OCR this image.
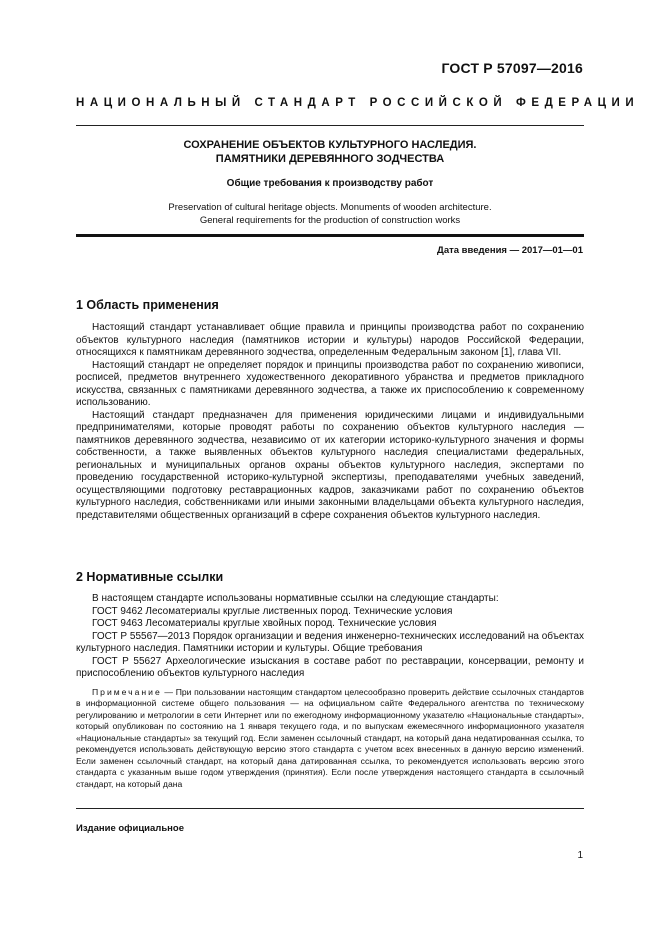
ГОСТ Р 57097—2016
НАЦИОНАЛЬНЫЙ СТАНДАРТ РОССИЙСКОЙ ФЕДЕРАЦИИ
СОХРАНЕНИЕ ОБЪЕКТОВ КУЛЬТУРНОГО НАСЛЕДИЯ.
ПАМЯТНИКИ ДЕРЕВЯННОГО ЗОДЧЕСТВА
Общие требования к производству работ
Preservation of cultural heritage objects. Monuments of wooden architecture.
General requirements for the production of construction works
Дата введения — 2017—01—01
1 Область применения

Настоящий стандарт устанавливает общие правила и принципы производства работ по сохранению объектов культурного наследия (памятников истории и культуры) народов Российской Федерации, относящихся к памятникам деревянного зодчества, определенным Федеральным законом [1], глава VII.

Настоящий стандарт не определяет порядок и принципы производства работ по сохранению живописи, росписей, предметов внутреннего художественного декоративного убранства и предметов прикладного искусства, связанных с памятниками деревянного зодчества, а также их приспособлению к современному использованию.

Настоящий стандарт предназначен для применения юридическими лицами и индивидуальными предпринимателями, которые проводят работы по сохранению объектов культурного наследия — памятников деревянного зодчества, независимо от их категории историко-культурного значения и формы собственности, а также выявленных объектов культурного наследия специалистами федеральных, региональных и муниципальных органов охраны объектов культурного наследия, экспертами по проведению государственной историко-культурной экспертизы, преподавателями учебных заведений, осуществляющими подготовку реставрационных кадров, заказчиками работ по сохранению объектов культурного наследия, собственниками или иными законными владельцами объекта культурного наследия, представителями общественных организаций в сфере сохранения объектов культурного наследия.

2 Нормативные ссылки

В настоящем стандарте использованы нормативные ссылки на следующие стандарты:

ГОСТ 9462 Лесоматериалы круглые лиственных пород. Технические условия

ГОСТ 9463 Лесоматериалы круглые хвойных пород. Технические условия

ГОСТ Р 55567—2013 Порядок организации и ведения инженерно-технических исследований на объектах культурного наследия. Памятники истории и культуры. Общие требования

ГОСТ Р 55627 Археологические изыскания в составе работ по реставрации, консервации, ремонту и приспособлению объектов культурного наследия

Примечание — При пользовании настоящим стандартом целесообразно проверить действие ссылочных стандартов в информационной системе общего пользования — на официальном сайте Федерального агентства по техническому регулированию и метрологии в сети Интернет или по ежегодному информационному указателю «Национальные стандарты», который опубликован по состоянию на 1 января текущего года, и по выпускам ежемесячного информационного указателя «Национальные стандарты» за текущий год. Если заменен ссылочный стандарт, на который дана недатированная ссылка, то рекомендуется использовать действующую версию этого стандарта с учетом всех внесенных в данную версию изменений. Если заменен ссылочный стандарт, на который дана датированная ссылка, то рекомендуется использовать версию этого стандарта с указанным выше годом утверждения (принятия). Если после утверждения настоящего стандарта в ссылочный стандарт, на который дана

Издание официальное
1
